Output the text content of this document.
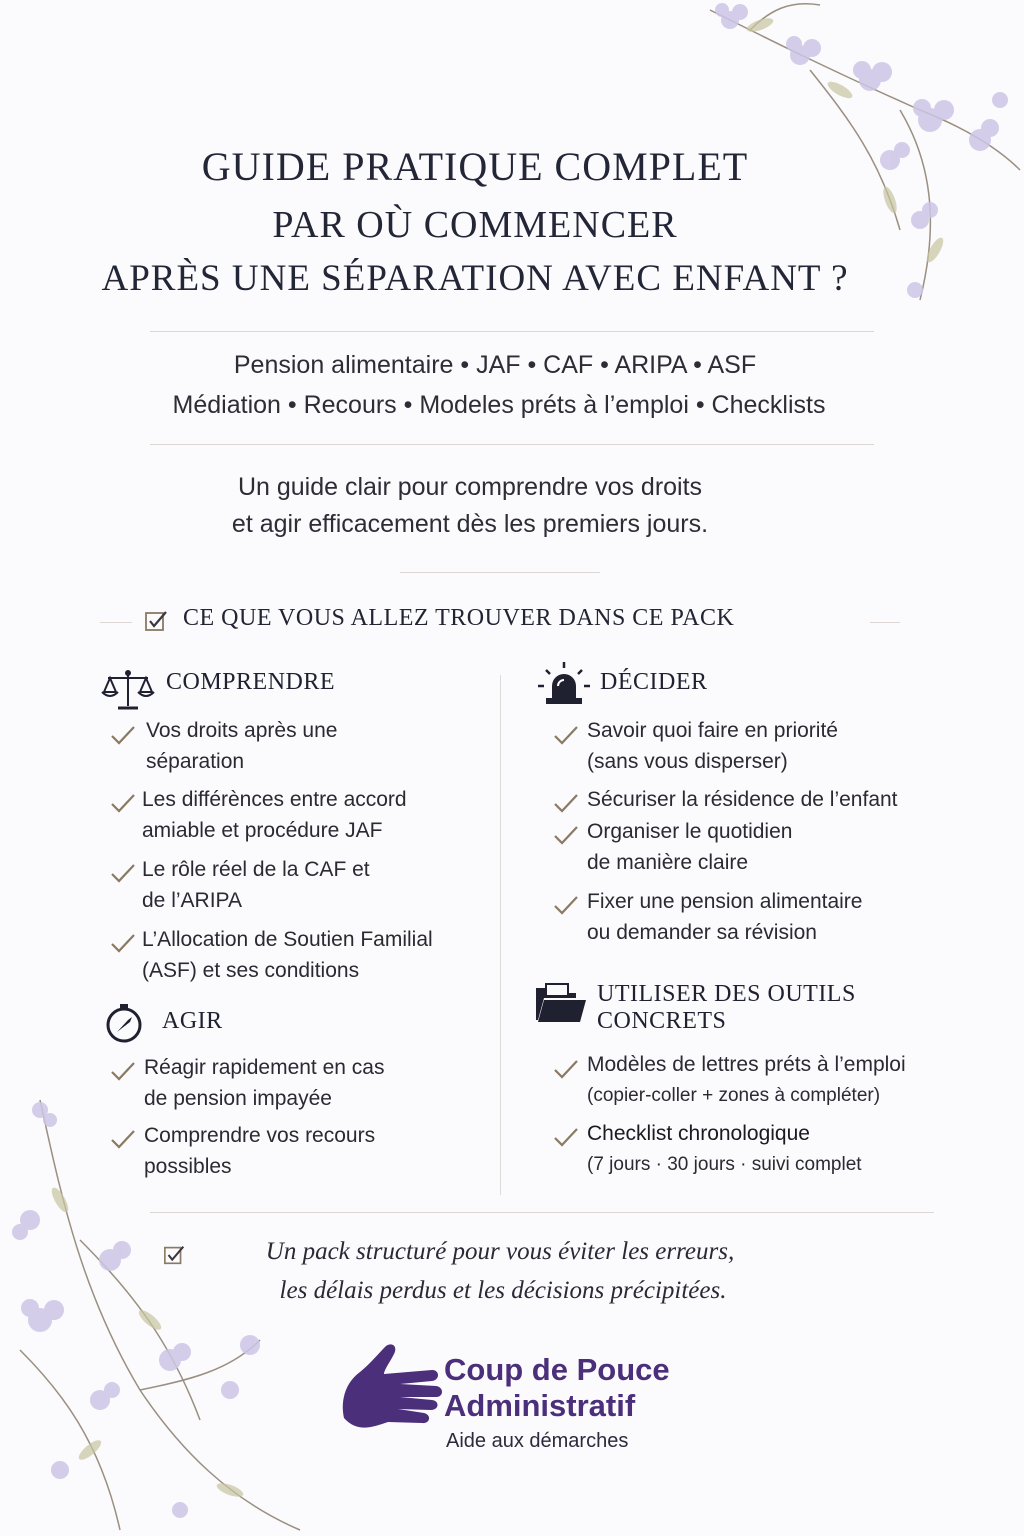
GUIDE PRATIQUE COMPLET
PAR OÙ COMMENCER
APRÈS UNE SÉPARATION AVEC ENFANT ?
Pension alimentaire • JAF • CAF • ARIPA • ASF
Médiation • Recours • Modeles préts à l’emploi • Checklists
Un guide clair pour comprendre vos droits
et agir efficacement dès les premiers jours.
CE QUE VOUS ALLEZ TROUVER DANS CE PACK
COMPRENDRE
Vos droits après une
séparation
Les différènces entre accord
amiable et procédure JAF
Le rôle réel de la CAF et
de l’ARIPA
L’Allocation de Soutien Familial
(ASF) et ses conditions
AGIR
Réagir rapidement en cas
de pension impayée
Comprendre vos recours
possibles
DÉCIDER
Savoir quoi faire en priorité
(sans vous disperser)
Sécuriser la résidence de l’enfant
Organiser le quotidien
de manière claire
Fixer une pension alimentaire
ou demander sa révision
UTILISER DES OUTILS
CONCRETS
Modèles de lettres préts à l’emploi
(copier-coller + zones à compléter)
Checklist chronologique
(7 jours · 30 jours · suivi complet
Un pack structuré pour vous éviter les erreurs,
les délais perdus et les décisions précipitées.
Coup de Pouce
Administratif
Aide aux démarches
